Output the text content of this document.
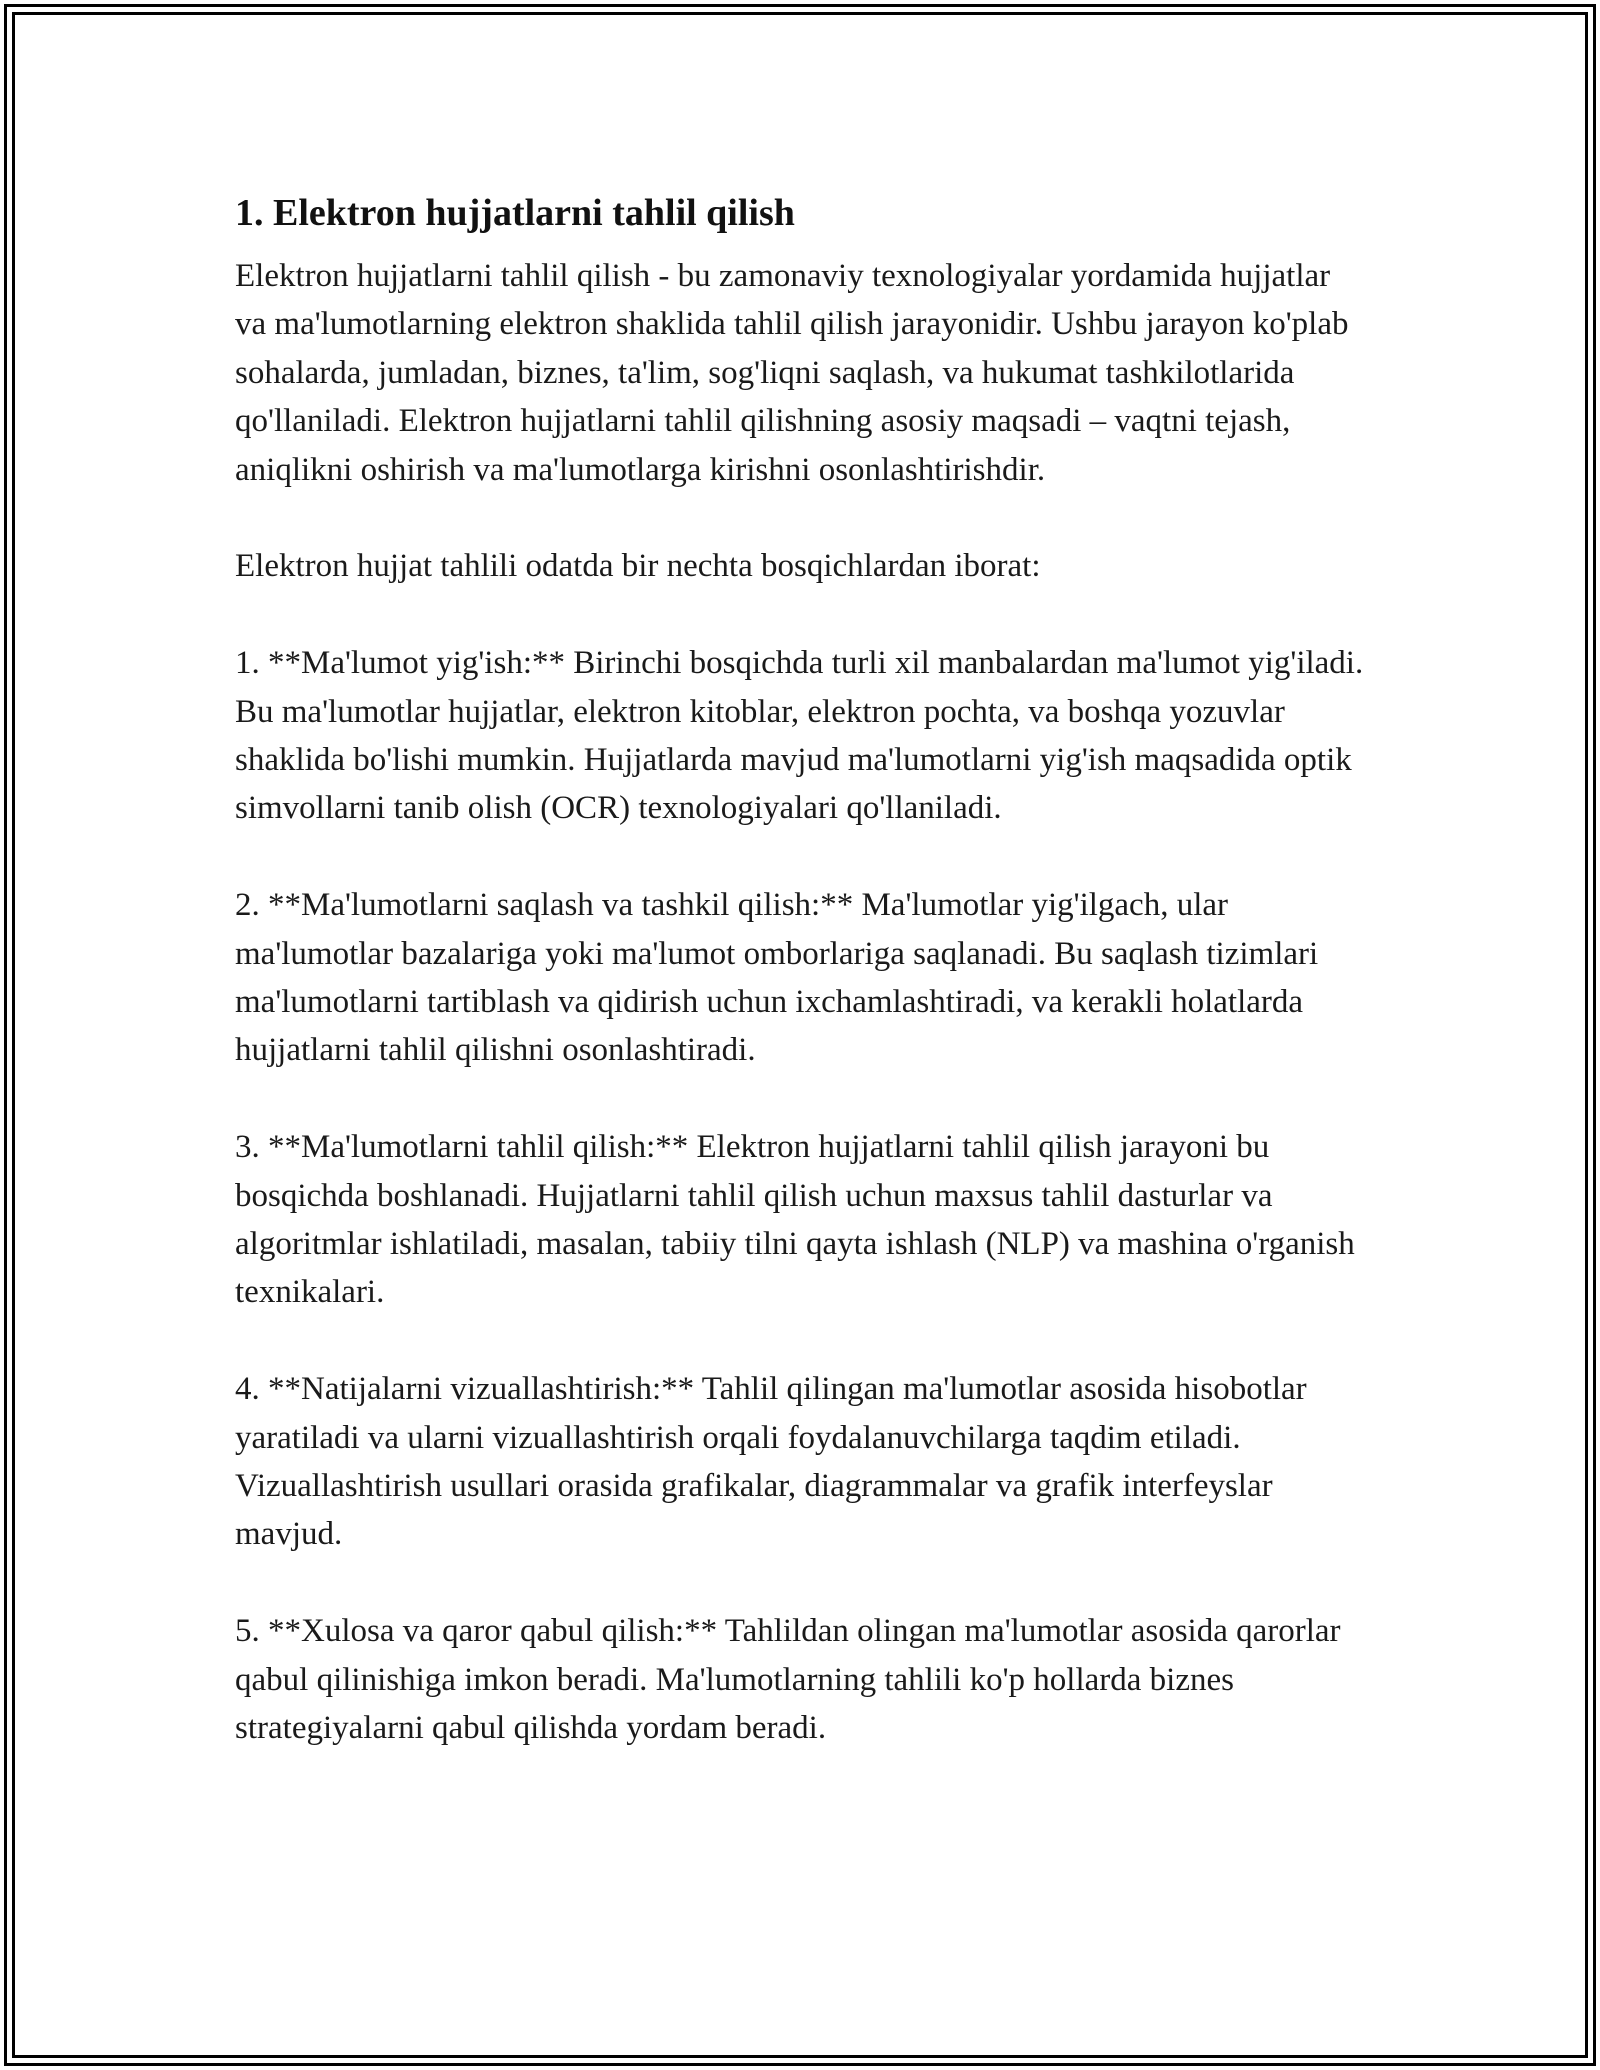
1. Elektron hujjatlarni tahlil qilish

Elektron hujjatlarni tahlil qilish - bu zamonaviy texnologiyalar yordamida hujjatlar va ma'lumotlarning elektron shaklida tahlil qilish jarayonidir. Ushbu jarayon ko'plab sohalarda, jumladan, biznes, ta'lim, sog'liqni saqlash, va hukumat tashkilotlarida qo'llaniladi. Elektron hujjatlarni tahlil qilishning asosiy maqsadi – vaqtni tejash, aniqlikni oshirish va ma'lumotlarga kirishni osonlashtirishdir.

Elektron hujjat tahlili odatda bir nechta bosqichlardan iborat:

1. **Ma'lumot yig'ish:** Birinchi bosqichda turli xil manbalardan ma'lumot yig'iladi. Bu ma'lumotlar hujjatlar, elektron kitoblar, elektron pochta, va boshqa yozuvlar shaklida bo'lishi mumkin. Hujjatlarda mavjud ma'lumotlarni yig'ish maqsadida optik simvollarni tanib olish (OCR) texnologiyalari qo'llaniladi.

2. **Ma'lumotlarni saqlash va tashkil qilish:** Ma'lumotlar yig'ilgach, ular ma'lumotlar bazalariga yoki ma'lumot omborlariga saqlanadi. Bu saqlash tizimlari ma'lumotlarni tartiblash va qidirish uchun ixchamlashtiradi, va kerakli holatlarda hujjatlarni tahlil qilishni osonlashtiradi.

3. **Ma'lumotlarni tahlil qilish:** Elektron hujjatlarni tahlil qilish jarayoni bu bosqichda boshlanadi. Hujjatlarni tahlil qilish uchun maxsus tahlil dasturlar va algoritmlar ishlatiladi, masalan, tabiiy tilni qayta ishlash (NLP) va mashina o'rganish texnikalari.

4. **Natijalarni vizuallashtirish:** Tahlil qilingan ma'lumotlar asosida hisobotlar yaratiladi va ularni vizuallashtirish orqali foydalanuvchilarga taqdim etiladi. Vizuallashtirish usullari orasida grafikalar, diagrammalar va grafik interfeyslar mavjud.

5. **Xulosa va qaror qabul qilish:** Tahlildan olingan ma'lumotlar asosida qarorlar qabul qilinishiga imkon beradi. Ma'lumotlarning tahlili ko'p hollarda biznes strategiyalarni qabul qilishda yordam beradi.
